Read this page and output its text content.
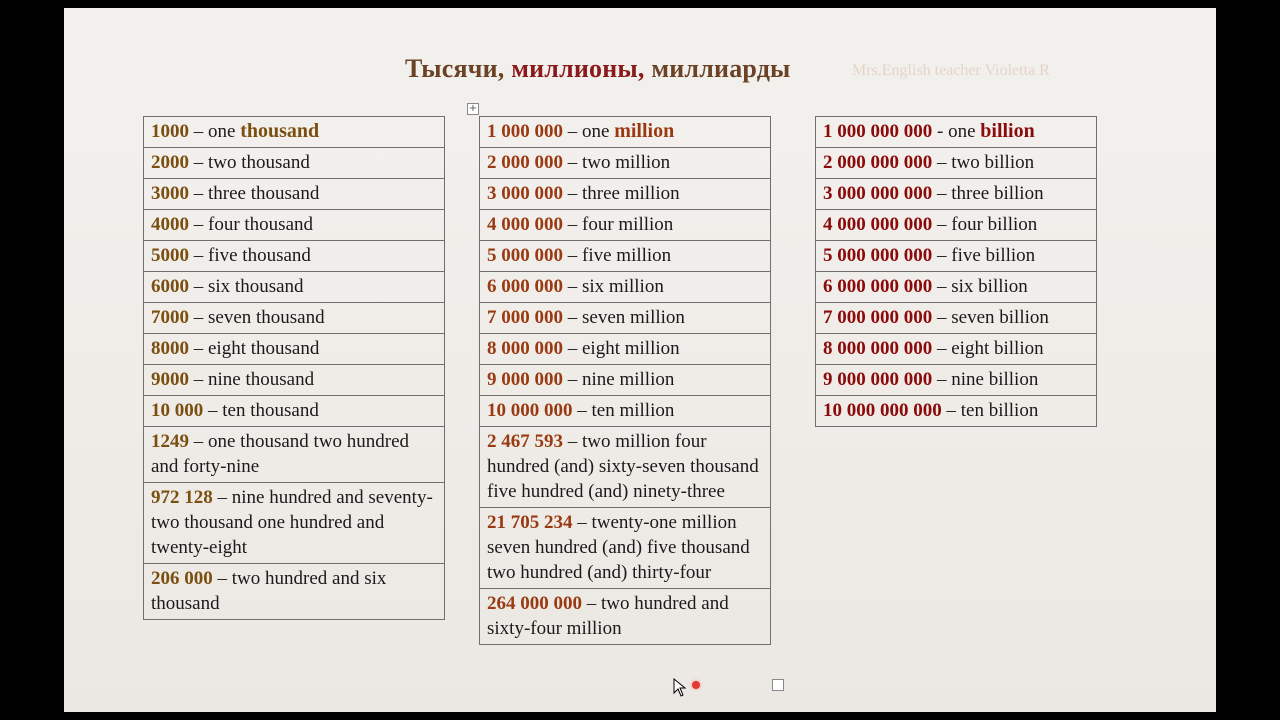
Тысячи, миллионы, миллиарды	Mrs.English teacher Violetta R
+
1000 – one thousand
2000 – two thousand
3000 – three thousand
4000 – four thousand
5000 – five thousand
6000 – six thousand
7000 – seven thousand
8000 – eight thousand
9000 – nine thousand
10 000 – ten thousand
1249 – one thousand two hundred and forty-nine
972 128 – nine hundred and seventy-two thousand one hundred and twenty-eight
206 000 – two hundred and six thousand
1 000 000 – one million
2 000 000 – two million
3 000 000 – three million
4 000 000 – four million
5 000 000 – five million
6 000 000 – six million
7 000 000 – seven million
8 000 000 – eight million
9 000 000 – nine million
10 000 000 – ten million
2 467 593 – two million four hundred (and) sixty-seven thousand five hundred (and) ninety-three
21 705 234 – twenty-one million seven hundred (and) five thousand two hundred (and) thirty-four
264 000 000 – two hundred and sixty-four million
1 000 000 000 - one billion
2 000 000 000 – two billion
3 000 000 000 – three billion
4 000 000 000 – four billion
5 000 000 000 – five billion
6 000 000 000 – six billion
7 000 000 000 – seven billion
8 000 000 000 – eight billion
9 000 000 000 – nine billion
10 000 000 000 – ten billion
